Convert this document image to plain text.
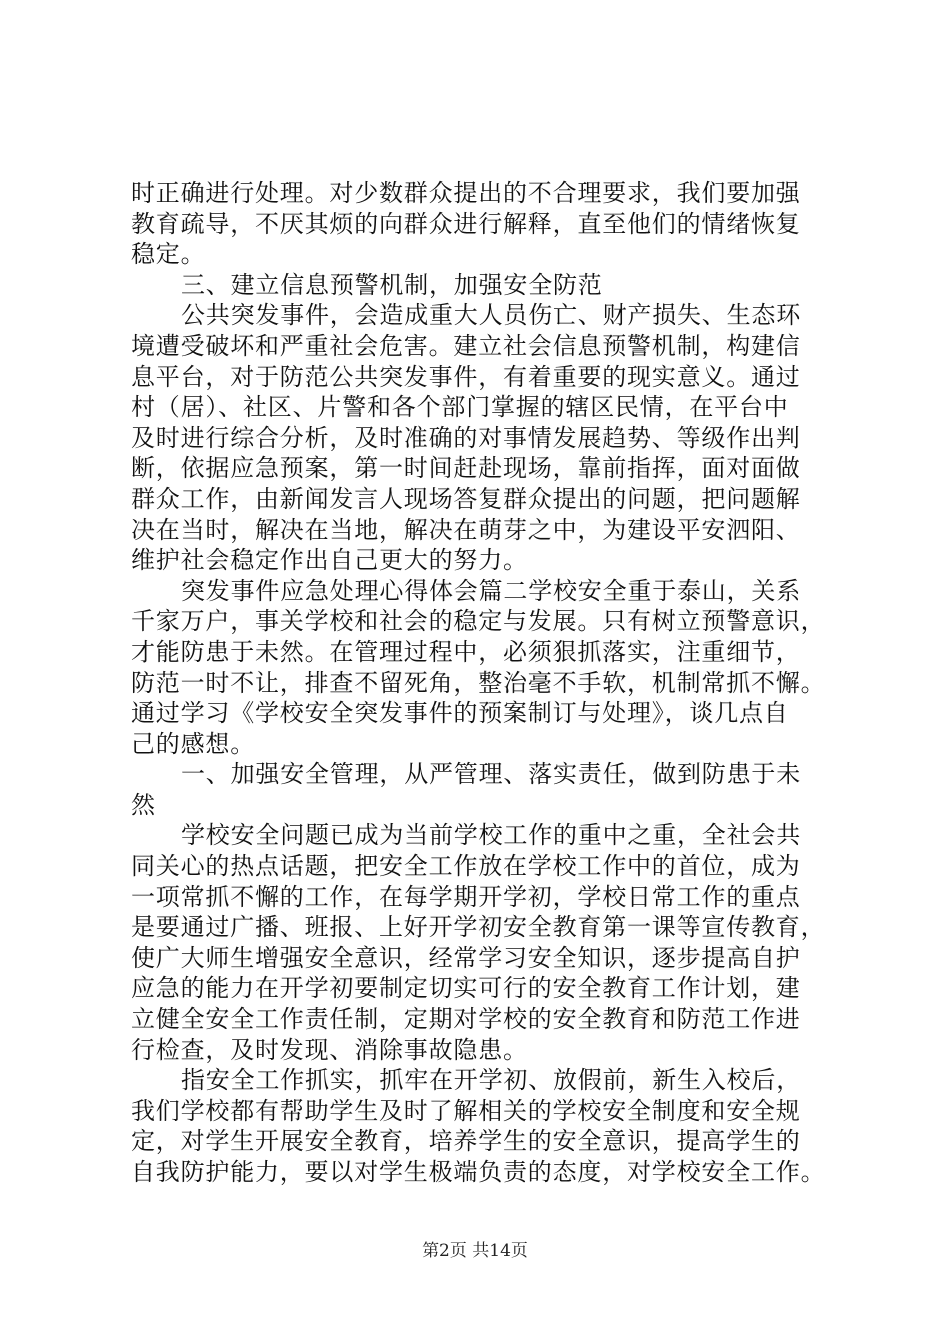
时正确进行处理。对少数群众提出的不合理要求，我们要加强
教育疏导，不厌其烦的向群众进行解释，直至他们的情绪恢复
稳定。
三、建立信息预警机制，加强安全防范
公共突发事件，会造成重大人员伤亡、财产损失、生态环
境遭受破坏和严重社会危害。建立社会信息预警机制，构建信
息平台，对于防范公共突发事件，有着重要的现实意义。通过
村（居）、社区、片警和各个部门掌握的辖区民情，在平台中
及时进行综合分析，及时准确的对事情发展趋势、等级作出判
断，依据应急预案，第一时间赶赴现场，靠前指挥，面对面做
群众工作，由新闻发言人现场答复群众提出的问题，把问题解
决在当时，解决在当地，解决在萌芽之中，为建设平安泗阳、
维护社会稳定作出自己更大的努力。
突发事件应急处理心得体会篇二学校安全重于泰山，关系
千家万户，事关学校和社会的稳定与发展。只有树立预警意识，
才能防患于未然。在管理过程中，必须狠抓落实，注重细节，
防范一时不让，排查不留死角，整治毫不手软，机制常抓不懈。
通过学习《学校安全突发事件的预案制订与处理》，谈几点自
己的感想。
一、加强安全管理，从严管理、落实责任，做到防患于未
然
学校安全问题已成为当前学校工作的重中之重，全社会共
同关心的热点话题，把安全工作放在学校工作中的首位，成为
一项常抓不懈的工作，在每学期开学初，学校日常工作的重点
是要通过广播、班报、上好开学初安全教育第一课等宣传教育，
使广大师生增强安全意识，经常学习安全知识，逐步提高自护
应急的能力在开学初要制定切实可行的安全教育工作计划，建
立健全安全工作责任制，定期对学校的安全教育和防范工作进
行检查，及时发现、消除事故隐患。
指安全工作抓实，抓牢在开学初、放假前，新生入校后，
我们学校都有帮助学生及时了解相关的学校安全制度和安全规
定，对学生开展安全教育，培养学生的安全意识，提高学生的
自我防护能力，要以对学生极端负责的态度，对学校安全工作。
第2页 共14页
